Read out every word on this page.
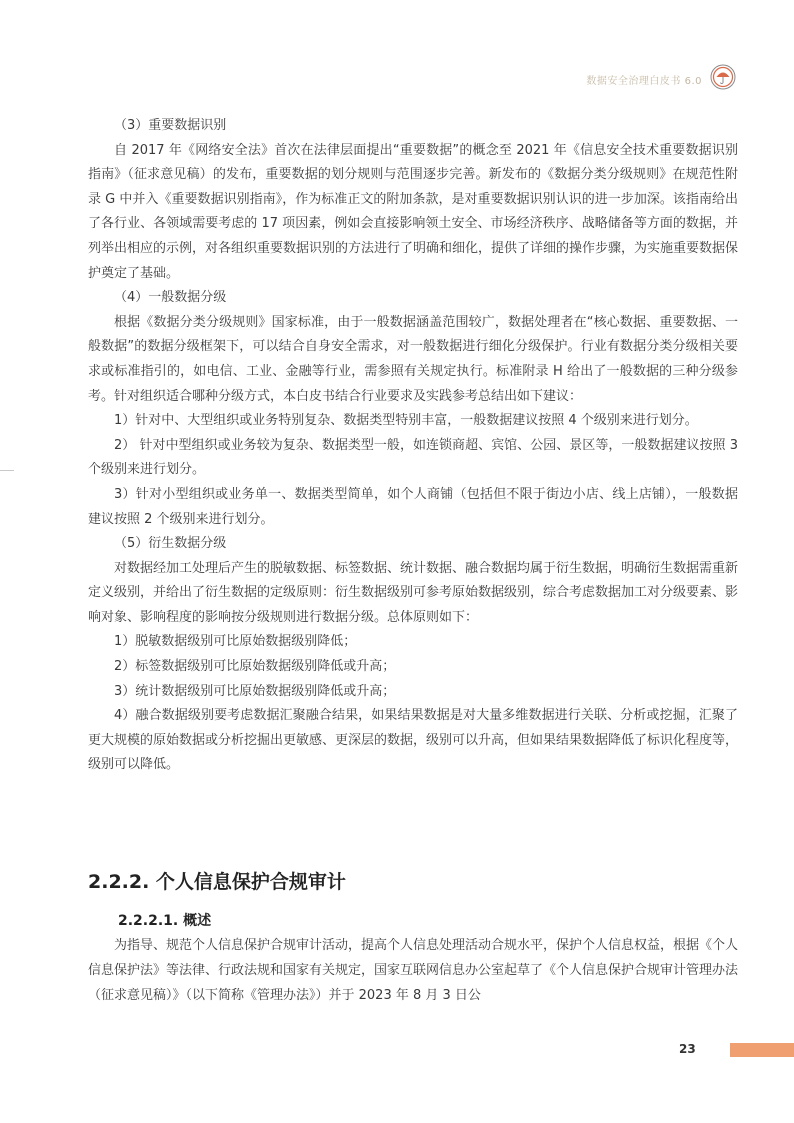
数据安全治理白皮书 6.0

（3）重要数据识别

自 2017 年《网络安全法》首次在法律层面提出“重要数据”的概念至 2021 年《信息安全技术重要数据识别指南》（征求意见稿）的发布，重要数据的划分规则与范围逐步完善。新发布的《数据分类分级规则》在规范性附录 G 中并入《重要数据识别指南》，作为标准正文的附加条款，是对重要数据识别认识的进一步加深。该指南给出了各行业、各领域需要考虑的 17 项因素，例如会直接影响领土安全、市场经济秩序、战略储备等方面的数据，并列举出相应的示例，对各组织重要数据识别的方法进行了明确和细化，提供了详细的操作步骤，为实施重要数据保护奠定了基础。

（4）一般数据分级

根据《数据分类分级规则》国家标准，由于一般数据涵盖范围较广，数据处理者在“核心数据、重要数据、一般数据”的数据分级框架下，可以结合自身安全需求，对一般数据进行细化分级保护。行业有数据分类分级相关要求或标准指引的，如电信、工业、金融等行业，需参照有关规定执行。标准附录 H 给出了一般数据的三种分级参考。针对组织适合哪种分级方式，本白皮书结合行业要求及实践参考总结出如下建议：

1）针对中、大型组织或业务特别复杂、数据类型特别丰富，一般数据建议按照 4 个级别来进行划分。

2） 针对中型组织或业务较为复杂、数据类型一般，如连锁商超、宾馆、公园、景区等，一般数据建议按照 3 个级别来进行划分。

3）针对小型组织或业务单一、数据类型简单，如个人商铺（包括但不限于街边小店、线上店铺），一般数据建议按照 2 个级别来进行划分。

（5）衍生数据分级

对数据经加工处理后产生的脱敏数据、标签数据、统计数据、融合数据均属于衍生数据，明确衍生数据需重新定义级别，并给出了衍生数据的定级原则：衍生数据级别可参考原始数据级别，综合考虑数据加工对分级要素、影响对象、影响程度的影响按分级规则进行数据分级。总体原则如下：

1）脱敏数据级别可比原始数据级别降低；

2）标签数据级别可比原始数据级别降低或升高；

3）统计数据级别可比原始数据级别降低或升高；

4）融合数据级别要考虑数据汇聚融合结果，如果结果数据是对大量多维数据进行关联、分析或挖掘，汇聚了更大规模的原始数据或分析挖掘出更敏感、更深层的数据，级别可以升高，但如果结果数据降低了标识化程度等，级别可以降低。

2.2.2. 个人信息保护合规审计
2.2.2.1. 概述

为指导、规范个人信息保护合规审计活动，提高个人信息处理活动合规水平，保护个人信息权益，根据《个人信息保护法》等法律、行政法规和国家有关规定，国家互联网信息办公室起草了《个人信息保护合规审计管理办法（征求意见稿）》（以下简称《管理办法》）并于 2023 年 8 月 3 日公

23
